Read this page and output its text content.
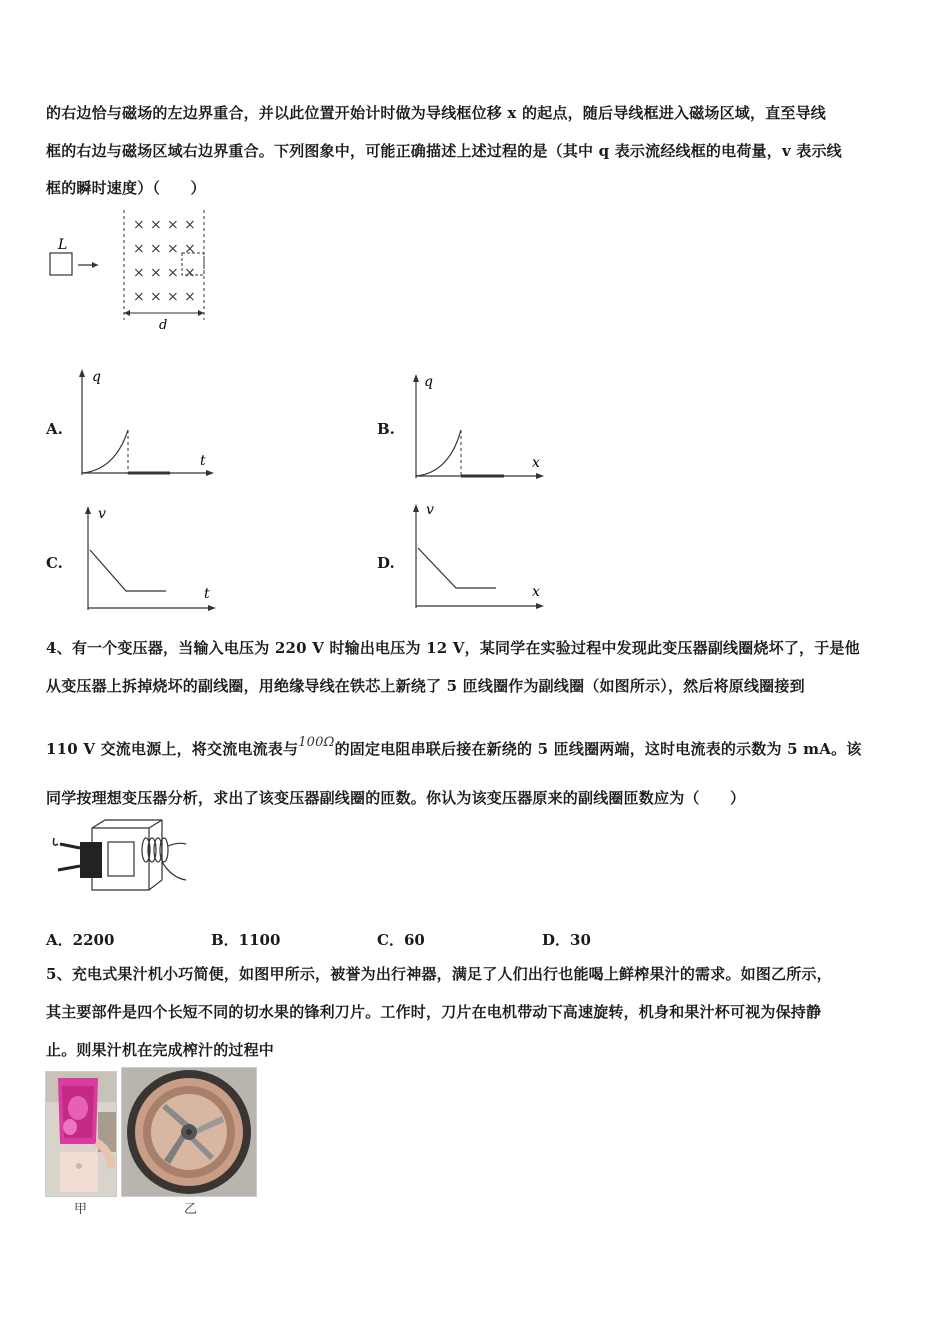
的右边恰与磁场的左边界重合，并以此位置开始计时做为导线框位移 x 的起点，随后导线框进入磁场区域，直至导线
框的右边与磁场区域右边界重合。下列图象中，可能正确描述上述过程的是（其中 q 表示流经线框的电荷量，v 表示线
框的瞬时速度）（　　）
L
× × × ×
× × × ×
× × × ×
× × × ×
d
A.
q
t
B.
q
x
C.
v
t
D.
v
x
4、有一个变压器，当输入电压为 220 V 时输出电压为 12 V，某同学在实验过程中发现此变压器副线圈烧坏了，于是他
从变压器上拆掉烧坏的副线圈，用绝缘导线在铁芯上新绕了 5 匝线圈作为副线圈（如图所示），然后将原线圈接到
110 V 交流电源上，将交流电流表与100Ω的固定电阻串联后接在新绕的 5 匝线圈两端，这时电流表的示数为 5 mA。该
同学按理想变压器分析，求出了该变压器副线圈的匝数。你认为该变压器原来的副线圈匝数应为（　　）
A．2200	B．1100	C．60	D．30
5、充电式果汁机小巧简便，如图甲所示，被誉为出行神器，满足了人们出行也能喝上鲜榨果汁的需求。如图乙所示，
其主要部件是四个长短不同的切水果的锋利刀片。工作时，刀片在电机带动下高速旋转，机身和果汁杯可视为保持静
止。则果汁机在完成榨汁的过程中
甲	乙
